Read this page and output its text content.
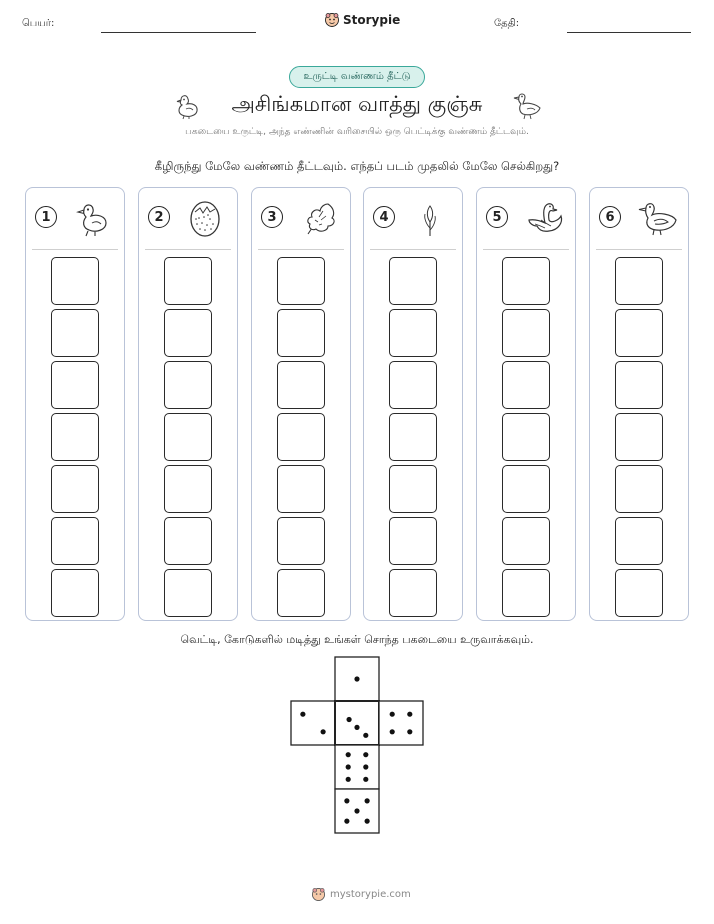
பெயர்:	Storypie	தேதி:
உருட்டி வண்ணம் தீட்டு
அசிங்கமான வாத்து குஞ்சு
பகடையை உருட்டி, அந்த எண்ணின் வரிசையில் ஒரு பெட்டிக்கு வண்ணம் தீட்டவும்.
கீழிருந்து மேலே வண்ணம் தீட்டவும். எந்தப் படம் முதலில் மேலே செல்கிறது?
1	2	3	4	5	6
வெட்டி, கோடுகளில் மடித்து உங்கள் சொந்த பகடையை உருவாக்கவும்.
mystorypie.com
